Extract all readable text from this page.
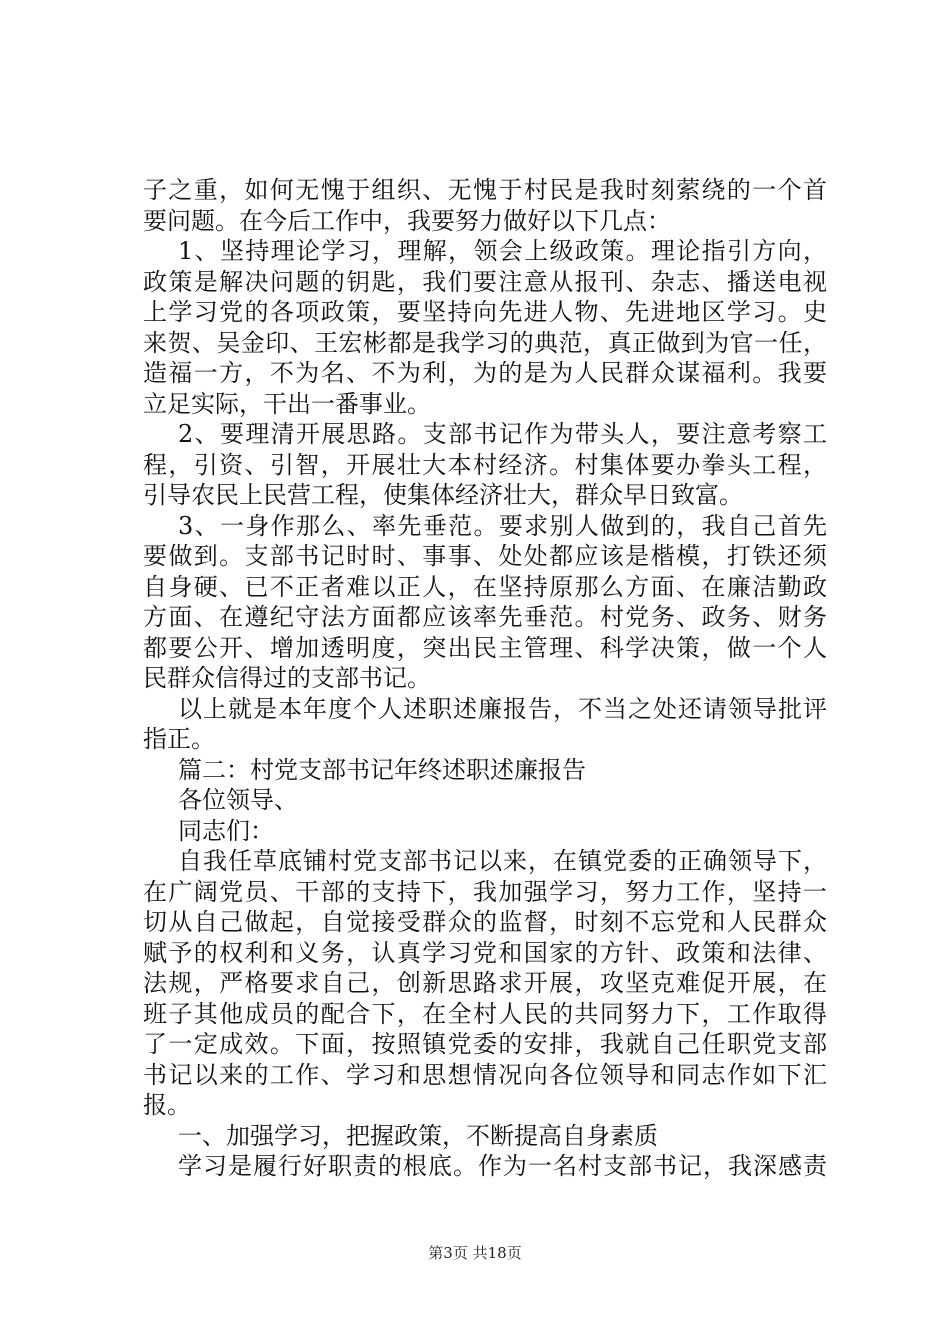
子之重，如何无愧于组织、无愧于村民是我时刻萦绕的一个首
要问题。在今后工作中，我要努力做好以下几点：
1、坚持理论学习，理解，领会上级政策。理论指引方向，
政策是解决问题的钥匙，我们要注意从报刊、杂志、播送电视
上学习党的各项政策，要坚持向先进人物、先进地区学习。史
来贺、吴金印、王宏彬都是我学习的典范，真正做到为官一任，
造福一方，不为名、不为利，为的是为人民群众谋福利。我要
立足实际，干出一番事业。
2、要理清开展思路。支部书记作为带头人，要注意考察工
程，引资、引智，开展壮大本村经济。村集体要办拳头工程，
引导农民上民营工程，使集体经济壮大，群众早日致富。
3、一身作那么、率先垂范。要求别人做到的，我自己首先
要做到。支部书记时时、事事、处处都应该是楷模，打铁还须
自身硬、已不正者难以正人，在坚持原那么方面、在廉洁勤政
方面、在遵纪守法方面都应该率先垂范。村党务、政务、财务
都要公开、增加透明度，突出民主管理、科学决策，做一个人
民群众信得过的支部书记。
以上就是本年度个人述职述廉报告，不当之处还请领导批评
指正。
篇二：村党支部书记年终述职述廉报告
各位领导、
同志们：
自我任草底铺村党支部书记以来，在镇党委的正确领导下，
在广阔党员、干部的支持下，我加强学习，努力工作，坚持一
切从自己做起，自觉接受群众的监督，时刻不忘党和人民群众
赋予的权利和义务，认真学习党和国家的方针、政策和法律、
法规，严格要求自己，创新思路求开展，攻坚克难促开展，在
班子其他成员的配合下，在全村人民的共同努力下，工作取得
了一定成效。下面，按照镇党委的安排，我就自己任职党支部
书记以来的工作、学习和思想情况向各位领导和同志作如下汇
报。
一、加强学习，把握政策，不断提高自身素质
学习是履行好职责的根底。作为一名村支部书记，我深感责
第3页 共18页
